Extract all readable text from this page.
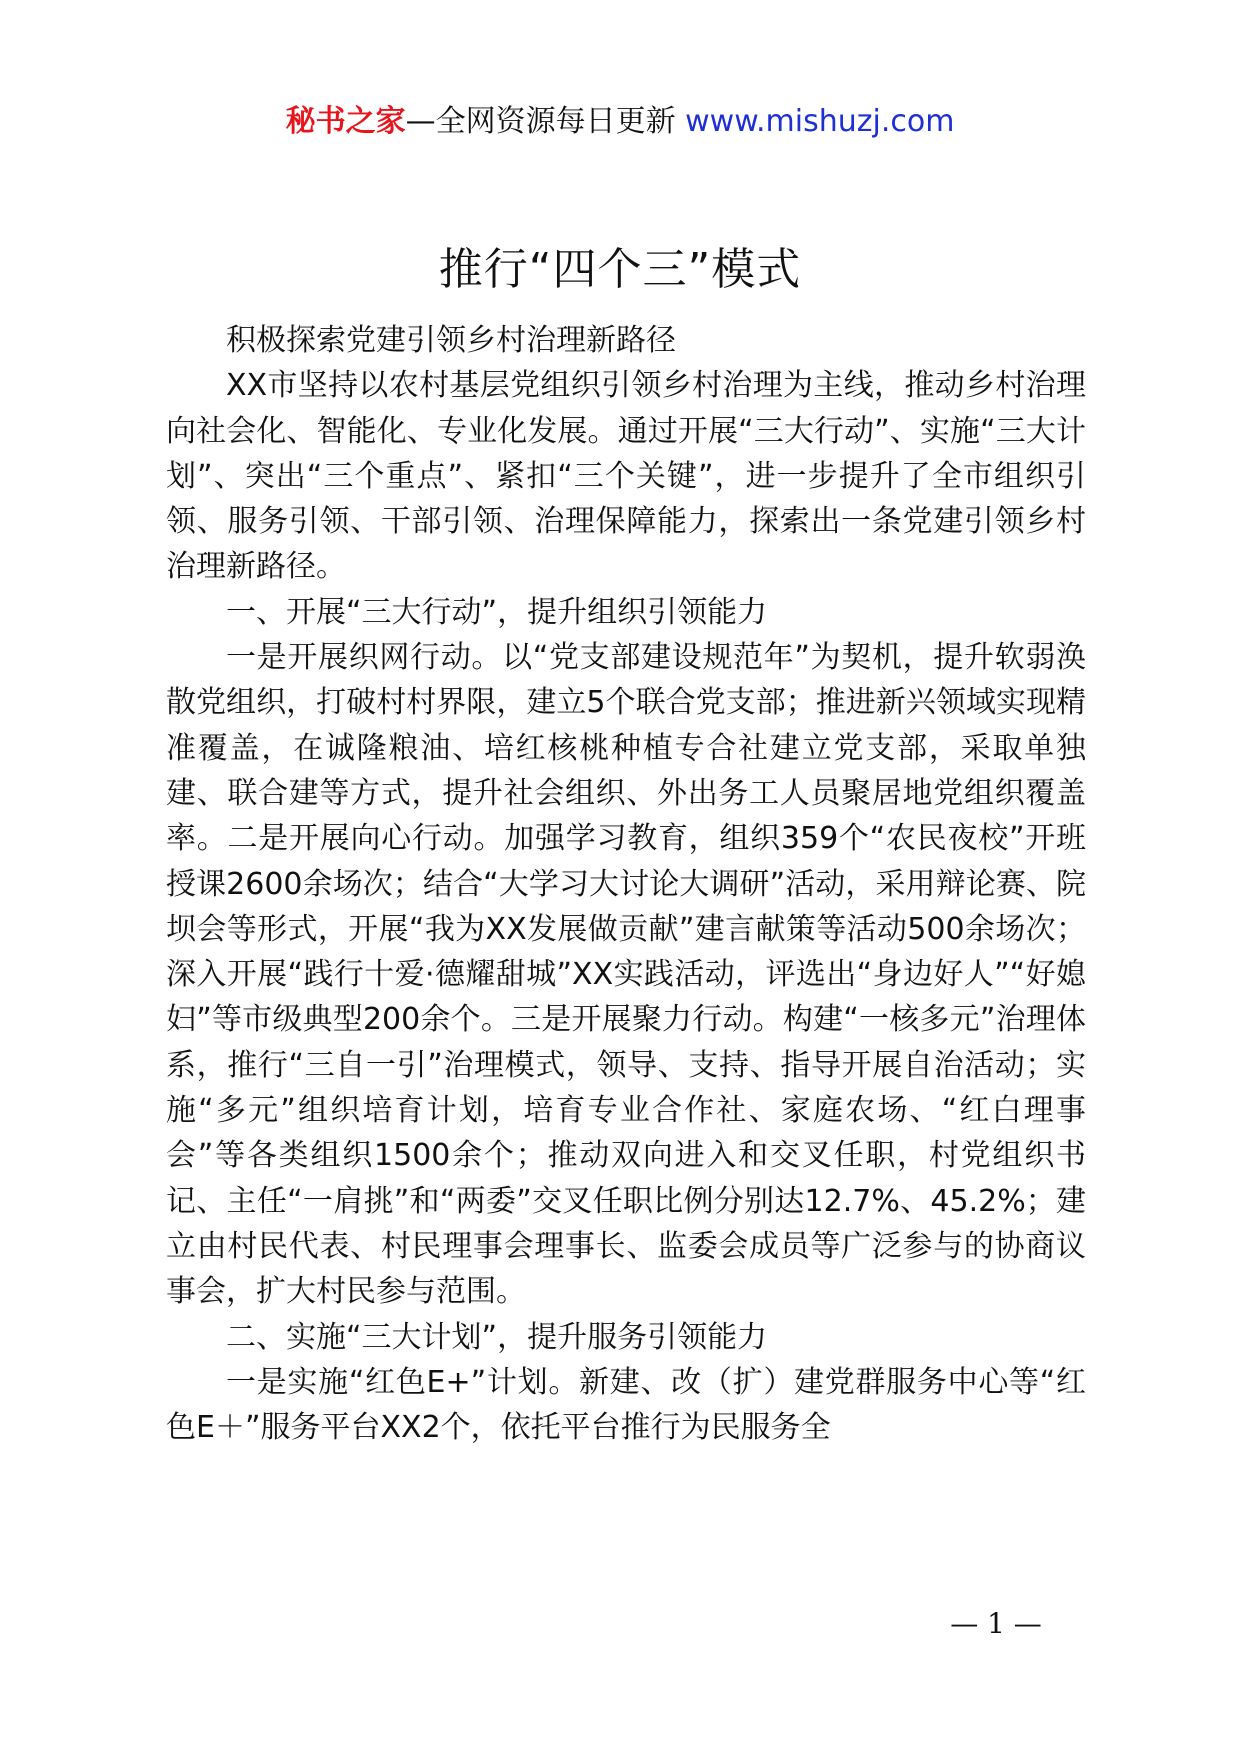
秘书之家—全网资源每日更新 www.mishuzj.com
推行“四个三”模式

积极探索党建引领乡村治理新路径

XX市坚持以农村基层党组织引领乡村治理为主线，推动乡村治理向社会化、智能化、专业化发展。通过开展“三大行动”、实施“三大计划”、突出“三个重点”、紧扣“三个关键”，进一步提升了全市组织引领、服务引领、干部引领、治理保障能力，探索出一条党建引领乡村治理新路径。

一、开展“三大行动”，提升组织引领能力

一是开展织网行动。以“党支部建设规范年”为契机，提升软弱涣散党组织，打破村村界限，建立5个联合党支部；推进新兴领域实现精准覆盖，在诚隆粮油、培红核桃种植专合社建立党支部，采取单独建、联合建等方式，提升社会组织、外出务工人员聚居地党组织覆盖率。二是开展向心行动。加强学习教育，组织359个“农民夜校”开班授课2600余场次；结合“大学习大讨论大调研”活动，采用辩论赛、院坝会等形式，开展“我为XX发展做贡献”建言献策等活动500余场次；深入开展“践行十爱·德耀甜城”XX实践活动，评选出“身边好人”“好媳妇”等市级典型200余个。三是开展聚力行动。构建“一核多元”治理体系，推行“三自一引”治理模式，领导、支持、指导开展自治活动；实施“多元”组织培育计划，培育专业合作社、家庭农场、“红白理事会”等各类组织1500余个；推动双向进入和交叉任职，村党组织书记、主任“一肩挑”和“两委”交叉任职比例分别达12.7%、45.2%；建立由村民代表、村民理事会理事长、监委会成员等广泛参与的协商议事会，扩大村民参与范围。

二、实施“三大计划”，提升服务引领能力

一是实施“红色E+”计划。新建、改（扩）建党群服务中心等“红色E＋”服务平台XX2个，依托平台推行为民服务全

— 1 —
